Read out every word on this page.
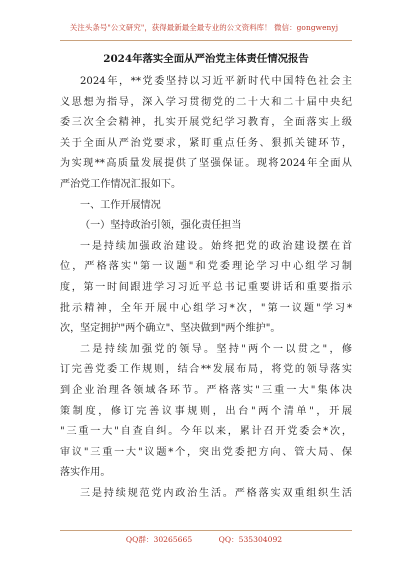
关注头条号"公文研究"，获得最新最全最专业的公文资料库！ 微信：gongwenyj
2024年落实全面从严治党主体责任情况报告
2024年，**党委坚持以习近平新时代中国特色社会主
义思想为指导，深入学习贯彻党的二十大和二十届中央纪
委三次全会精神，扎实开展党纪学习教育，全面落实上级
关于全面从严治党要求，紧盯重点任务、狠抓关键环节，
为实现**高质量发展提供了坚强保证。现将2024年全面从
严治党工作情况汇报如下。
一、工作开展情况
（一）坚持政治引领，强化责任担当
一是持续加强政治建设。始终把党的政治建设摆在首
位，严格落实"第一议题"和党委理论学习中心组学习制
度，第一时间跟进学习习近平总书记重要讲话和重要指示
批示精神，全年开展中心组学习*次，"第一议题"学习*
次，坚定拥护"两个确立"、坚决做到"两个维护"。
二是持续加强党的领导。坚持"两个一以贯之"，修
订完善党委工作规则，结合**发展布局，将党的领导落实
到企业治理各领域各环节。严格落实"三重一大"集体决
策制度，修订完善议事规则，出台"两个清单"，开展
"三重一大"自查自纠。今年以来，累计召开党委会*次，
审议"三重一大"议题*个，突出党委把方向、管大局、保
落实作用。
三是持续规范党内政治生活。严格落实双重组织生活
QQ群：30265665	QQ：535304092
